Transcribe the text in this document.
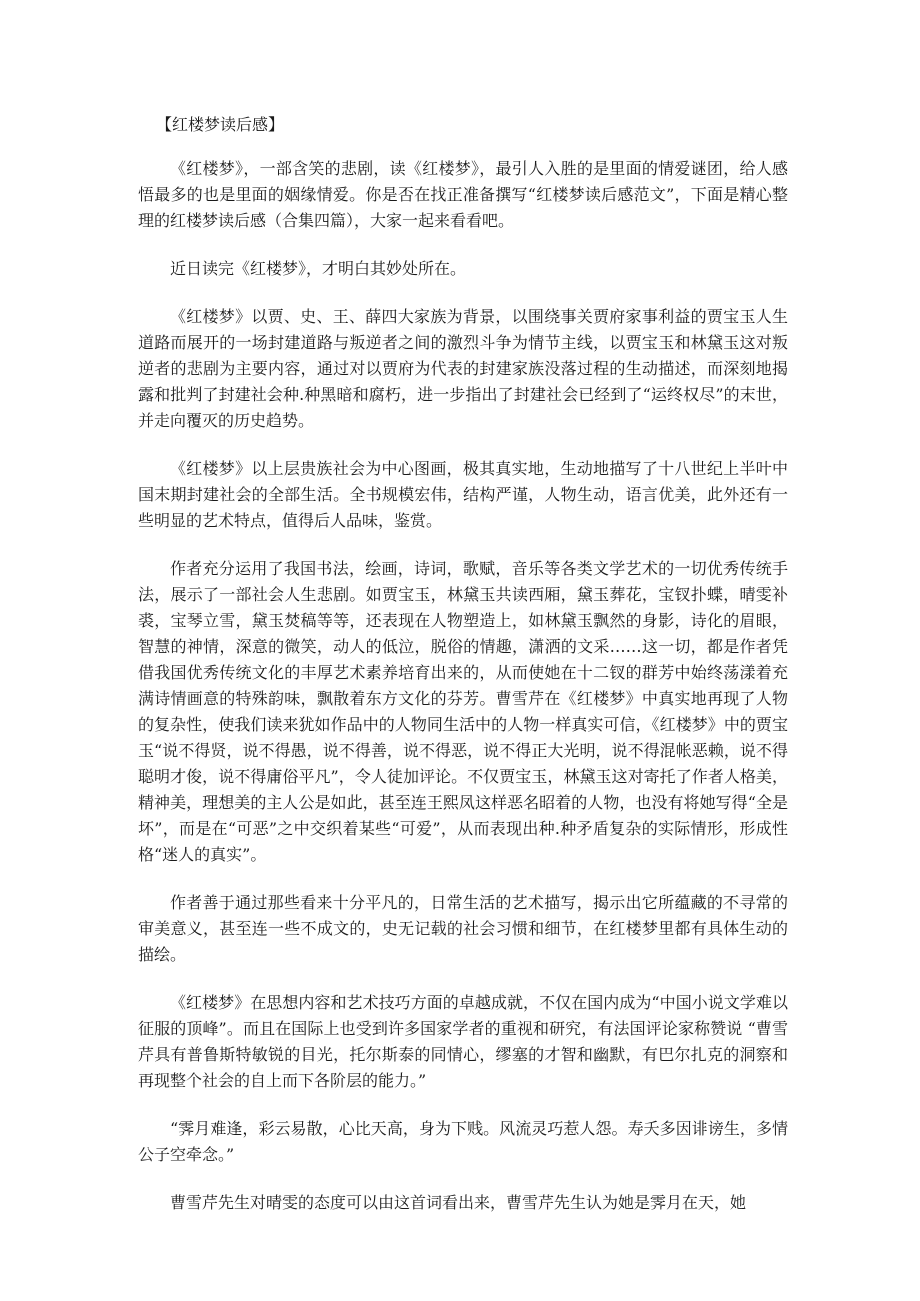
【红楼梦读后感】

《红楼梦》，一部含笑的悲剧，读《红楼梦》，最引人入胜的是里面的情爱谜团，给人感悟最多的也是里面的姻缘情爱。你是否在找正准备撰写“红楼梦读后感范文”，下面是精心整理的红楼梦读后感（合集四篇），大家一起来看看吧。

近日读完《红楼梦》，才明白其妙处所在。

《红楼梦》以贾、史、王、薛四大家族为背景，以围绕事关贾府家事利益的贾宝玉人生道路而展开的一场封建道路与叛逆者之间的激烈斗争为情节主线，以贾宝玉和林黛玉这对叛逆者的悲剧为主要内容，通过对以贾府为代表的封建家族没落过程的生动描述，而深刻地揭露和批判了封建社会种.种黑暗和腐朽，进一步指出了封建社会已经到了“运终权尽”的末世，并走向覆灭的历史趋势。

《红楼梦》以上层贵族社会为中心图画，极其真实地，生动地描写了十八世纪上半叶中国末期封建社会的全部生活。全书规模宏伟，结构严谨，人物生动，语言优美，此外还有一些明显的艺术特点，值得后人品味，鉴赏。

作者充分运用了我国书法，绘画，诗词，歌赋，音乐等各类文学艺术的一切优秀传统手法，展示了一部社会人生悲剧。如贾宝玉，林黛玉共读西厢，黛玉葬花，宝钗扑蝶，晴雯补裘，宝琴立雪，黛玉焚稿等等，还表现在人物塑造上，如林黛玉飘然的身影，诗化的眉眼，智慧的神情，深意的微笑，动人的低泣，脱俗的情趣，潇洒的文采……这一切，都是作者凭借我国优秀传统文化的丰厚艺术素养培育出来的，从而使她在十二钗的群芳中始终荡漾着充满诗情画意的特殊韵味，飘散着东方文化的芬芳。曹雪芹在《红楼梦》中真实地再现了人物的复杂性，使我们读来犹如作品中的人物同生活中的人物一样真实可信，《红楼梦》中的贾宝玉“说不得贤，说不得愚，说不得善，说不得恶，说不得正大光明，说不得混帐恶赖，说不得聪明才俊，说不得庸俗平凡”，令人徒加评论。不仅贾宝玉，林黛玉这对寄托了作者人格美，精神美，理想美的主人公是如此，甚至连王熙凤这样恶名昭着的人物，也没有将她写得“全是坏”，而是在“可恶”之中交织着某些“可爱”，从而表现出种.种矛盾复杂的实际情形，形成性格“迷人的真实”。

作者善于通过那些看来十分平凡的，日常生活的艺术描写，揭示出它所蕴藏的不寻常的审美意义，甚至连一些不成文的，史无记载的社会习惯和细节，在红楼梦里都有具体生动的描绘。

《红楼梦》在思想内容和艺术技巧方面的卓越成就，不仅在国内成为“中国小说文学难以征服的顶峰”。而且在国际上也受到许多国家学者的重视和研究，有法国评论家称赞说 “曹雪芹具有普鲁斯特敏锐的目光，托尔斯泰的同情心，缪塞的才智和幽默，有巴尔扎克的洞察和再现整个社会的自上而下各阶层的能力。”

“霁月难逢，彩云易散，心比天高，身为下贱。风流灵巧惹人怨。寿夭多因诽谤生，多情公子空牵念。”

曹雪芹先生对晴雯的态度可以由这首词看出来，曹雪芹先生认为她是霁月在天，她
